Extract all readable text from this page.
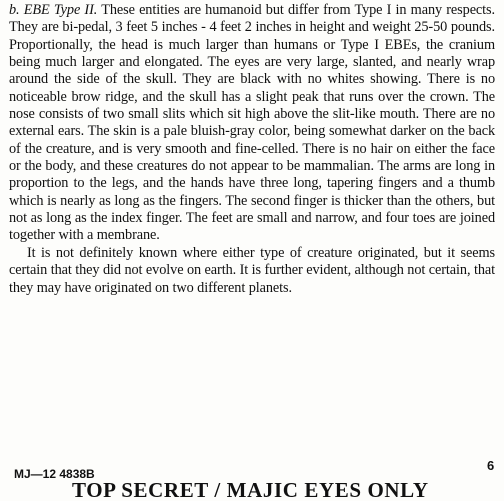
b. EBE Type II. These entities are humanoid but differ from Type I in many respects. They are bi-pedal, 3 feet 5 inches - 4 feet 2 inches in height and weight 25-50 pounds. Proportionally, the head is much larger than humans or Type I EBEs, the cranium being much larger and elongated. The eyes are very large, slanted, and nearly wrap around the side of the skull. They are black with no whites showing. There is no noticeable brow ridge, and the skull has a slight peak that runs over the crown. The nose consists of two small slits which sit high above the slit-like mouth. There are no external ears. The skin is a pale bluish-gray color, being somewhat darker on the back of the creature, and is very smooth and fine-celled. There is no hair on either the face or the body, and these creatures do not appear to be mammalian. The arms are long in proportion to the legs, and the hands have three long, tapering fingers and a thumb which is nearly as long as the fingers. The second finger is thicker than the others, but not as long as the index finger. The feet are small and narrow, and four toes are joined together with a membrane.

It is not definitely known where either type of creature originated, but it seems certain that they did not evolve on earth. It is further evident, although not certain, that they may have originated on two different planets.

MJ—12 4838B
6
TOP SECRET / MAJIC EYES ONLY
